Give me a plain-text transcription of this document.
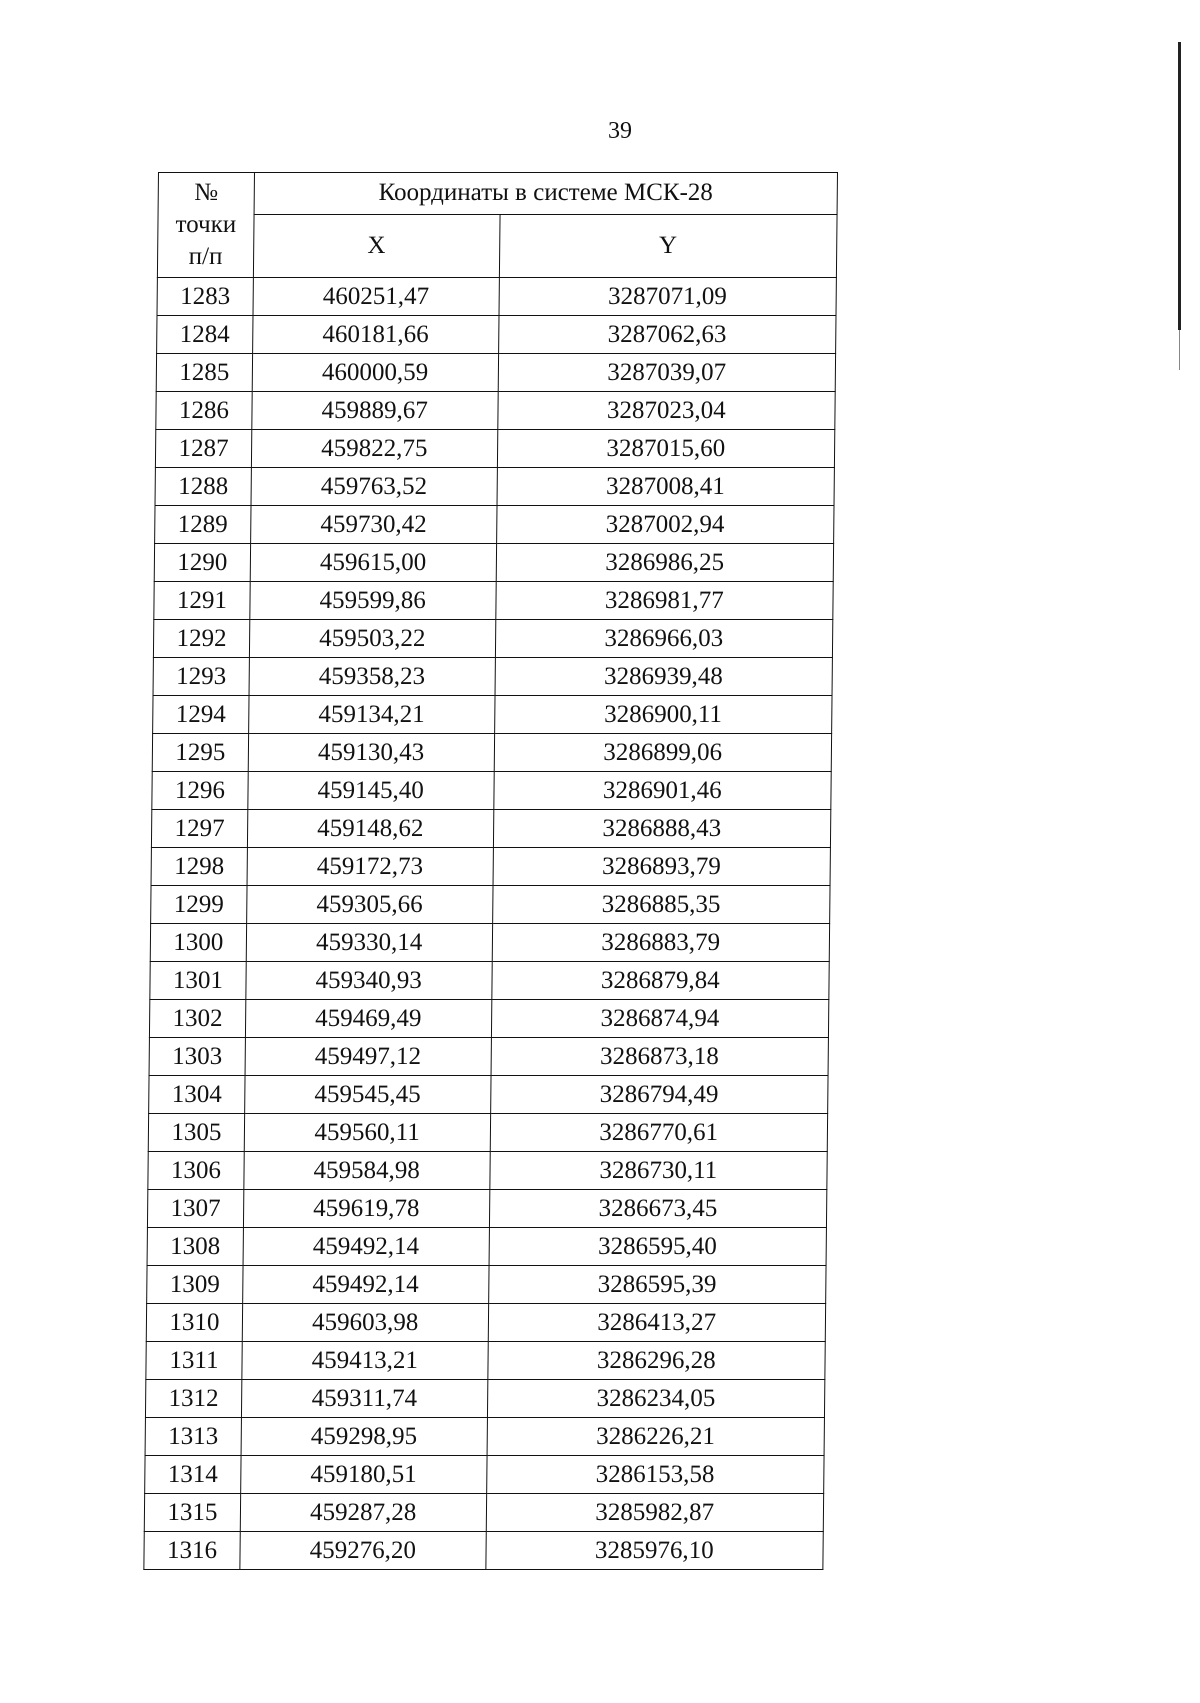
39
№
точки
п/п	Координаты в системе МСК-28	
	X	Y
1283	460251,47	3287071,09
1284	460181,66	3287062,63
1285	460000,59	3287039,07
1286	459889,67	3287023,04
1287	459822,75	3287015,60
1288	459763,52	3287008,41
1289	459730,42	3287002,94
1290	459615,00	3286986,25
1291	459599,86	3286981,77
1292	459503,22	3286966,03
1293	459358,23	3286939,48
1294	459134,21	3286900,11
1295	459130,43	3286899,06
1296	459145,40	3286901,46
1297	459148,62	3286888,43
1298	459172,73	3286893,79
1299	459305,66	3286885,35
1300	459330,14	3286883,79
1301	459340,93	3286879,84
1302	459469,49	3286874,94
1303	459497,12	3286873,18
1304	459545,45	3286794,49
1305	459560,11	3286770,61
1306	459584,98	3286730,11
1307	459619,78	3286673,45
1308	459492,14	3286595,40
1309	459492,14	3286595,39
1310	459603,98	3286413,27
1311	459413,21	3286296,28
1312	459311,74	3286234,05
1313	459298,95	3286226,21
1314	459180,51	3286153,58
1315	459287,28	3285982,87
1316	459276,20	3285976,10
